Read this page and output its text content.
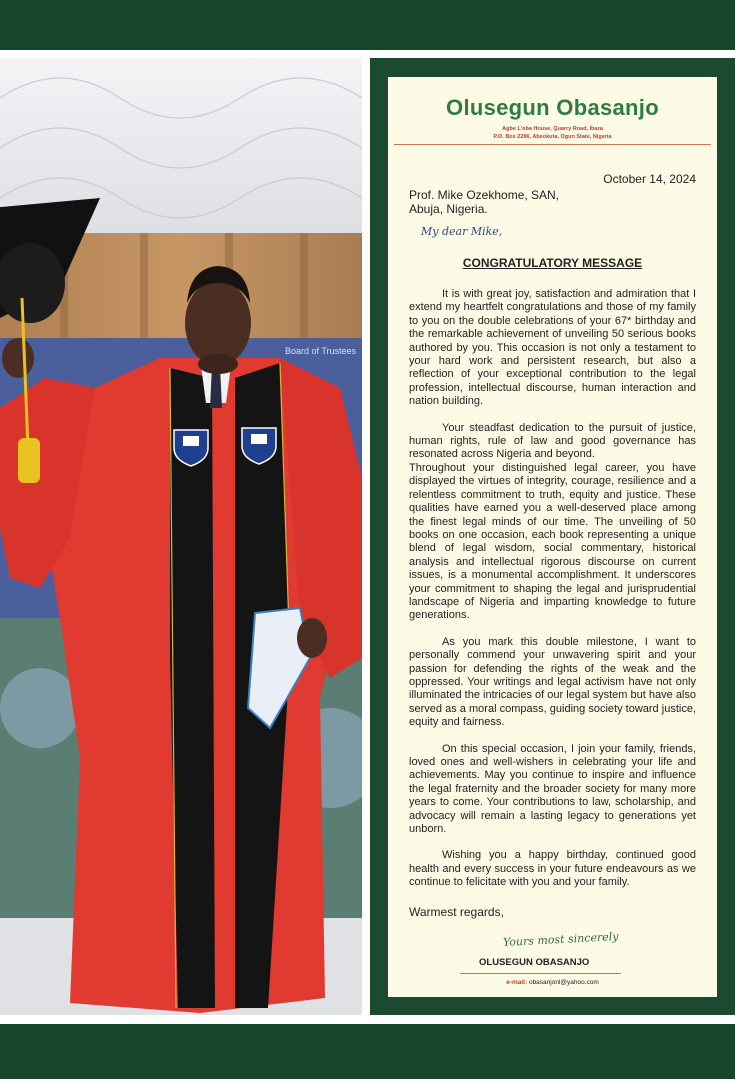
Board of Trustees
Olusegun Obasanjo
Agbe L'oba House, Quarry Road, Ibara
P.O. Box 2286, Abeokuta, Ogun State, Nigeria
October 14, 2024
Prof. Mike Ozekhome, SAN,
Abuja, Nigeria.
My dear Mike,
CONGRATULATORY MESSAGE

It is with great joy, satisfaction and admiration that I extend my heartfelt congratulations and those of my family to you on the double celebrations of your 67* birthday and the remarkable achievement of unveiling 50 serious books authored by you. This occasion is not only a testament to your hard work and persistent research, but also a reflection of your exceptional contribution to the legal profession, intellectual discourse, human interaction and nation building.

Your steadfast dedication to the pursuit of justice, human rights, rule of law and good governance has resonated across Nigeria and beyond.

Throughout your distinguished legal career, you have displayed the virtues of integrity, courage, resilience and a relentless commitment to truth, equity and justice. These qualities have earned you a well-deserved place among the finest legal minds of our time. The unveiling of 50 books on one occasion, each book representing a unique blend of legal wisdom, social commentary, historical analysis and intellectual rigorous discourse on current issues, is a monumental accomplishment. It underscores your commitment to shaping the legal and jurisprudential landscape of Nigeria and imparting knowledge to future generations.

As you mark this double milestone, I want to personally commend your unwavering spirit and your passion for defending the rights of the weak and the oppressed. Your writings and legal activism have not only illuminated the intricacies of our legal system but have also served as a moral compass, guiding society toward justice, equity and fairness.

On this special occasion, I join your family, friends, loved ones and well-wishers in celebrating your life and achievements. May you continue to inspire and influence the legal fraternity and the broader society for many more years to come. Your contributions to law, scholarship, and advocacy will remain a lasting legacy to generations yet unborn.

Wishing you a happy birthday, continued good health and every success in your future endeavours as we continue to felicitate with you and your family.

Warmest regards,
Yours most sincerely
OLUSEGUN OBASANJO
e-mail: obasanjonl@yahoo.com
